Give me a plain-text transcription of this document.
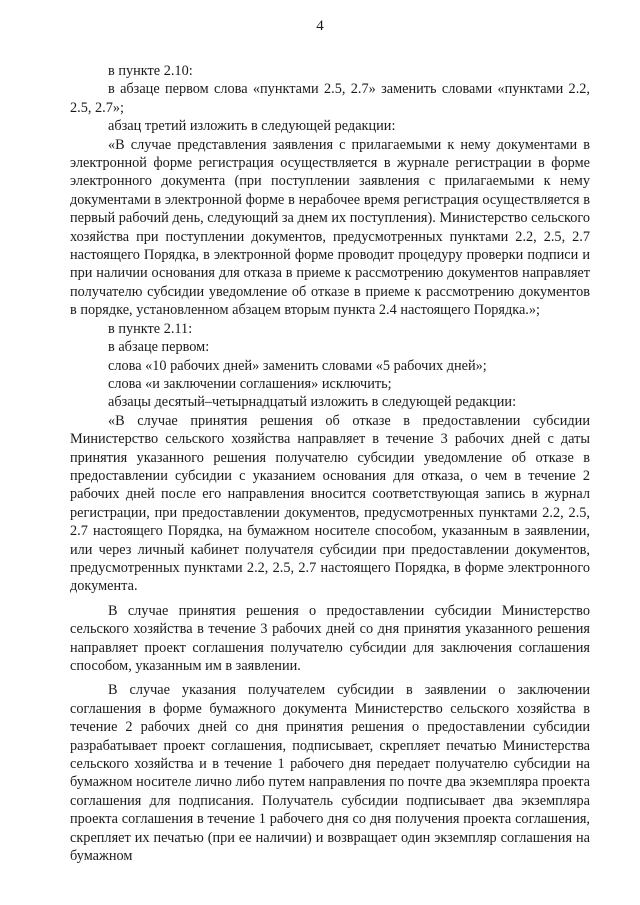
4

в пункте 2.10:

в абзаце первом слова «пунктами 2.5, 2.7» заменить словами «пунктами 2.2, 2.5, 2.7»;

абзац третий изложить в следующей редакции:

«В случае представления заявления с прилагаемыми к нему документами в электронной форме регистрация осуществляется в журнале регистрации в форме электронного документа (при поступлении заявления с прилагаемыми к нему документами в электронной форме в нерабочее время регистрация осуществляется в первый рабочий день, следующий за днем их поступления). Министерство сельского хозяйства при поступлении документов, предусмотренных пунктами 2.2, 2.5, 2.7 настоящего Порядка, в электронной форме проводит процедуру проверки подписи и при наличии основания для отказа в приеме к рассмотрению документов направляет получателю субсидии уведомление об отказе в приеме к рассмотрению документов в порядке, установленном абзацем вторым пункта 2.4 настоящего Порядка.»;

в пункте 2.11:

в абзаце первом:

слова «10 рабочих дней» заменить словами «5 рабочих дней»;

слова «и заключении соглашения» исключить;

абзацы десятый–четырнадцатый изложить в следующей редакции:

«В случае принятия решения об отказе в предоставлении субсидии Министерство сельского хозяйства направляет в течение 3 рабочих дней с даты принятия указанного решения получателю субсидии уведомление об отказе в предоставлении субсидии с указанием основания для отказа, о чем в течение 2 рабочих дней после его направления вносится соответствующая запись в журнал регистрации, при предоставлении документов, предусмотренных пунктами 2.2, 2.5, 2.7 настоящего Порядка, на бумажном носителе способом, указанным в заявлении, или через личный кабинет получателя субсидии при предоставлении документов, предусмотренных пунктами 2.2, 2.5, 2.7 настоящего Порядка, в форме электронного документа.

В случае принятия решения о предоставлении субсидии Министерство сельского хозяйства в течение 3 рабочих дней со дня принятия указанного решения направляет проект соглашения получателю субсидии для заключения соглашения способом, указанным им в заявлении.

В случае указания получателем субсидии в заявлении о заключении соглашения в форме бумажного документа Министерство сельского хозяйства в течение 2 рабочих дней со дня принятия решения о предоставлении субсидии разрабатывает проект соглашения, подписывает, скрепляет печатью Министерства сельского хозяйства и в течение 1 рабочего дня передает получателю субсидии на бумажном носителе лично либо путем направления по почте два экземпляра проекта соглашения для подписания. Получатель субсидии подписывает два экземпляра проекта соглашения в течение 1 рабочего дня со дня получения проекта соглашения, скрепляет их печатью (при ее наличии) и возвращает один экземпляр соглашения на бумажном
